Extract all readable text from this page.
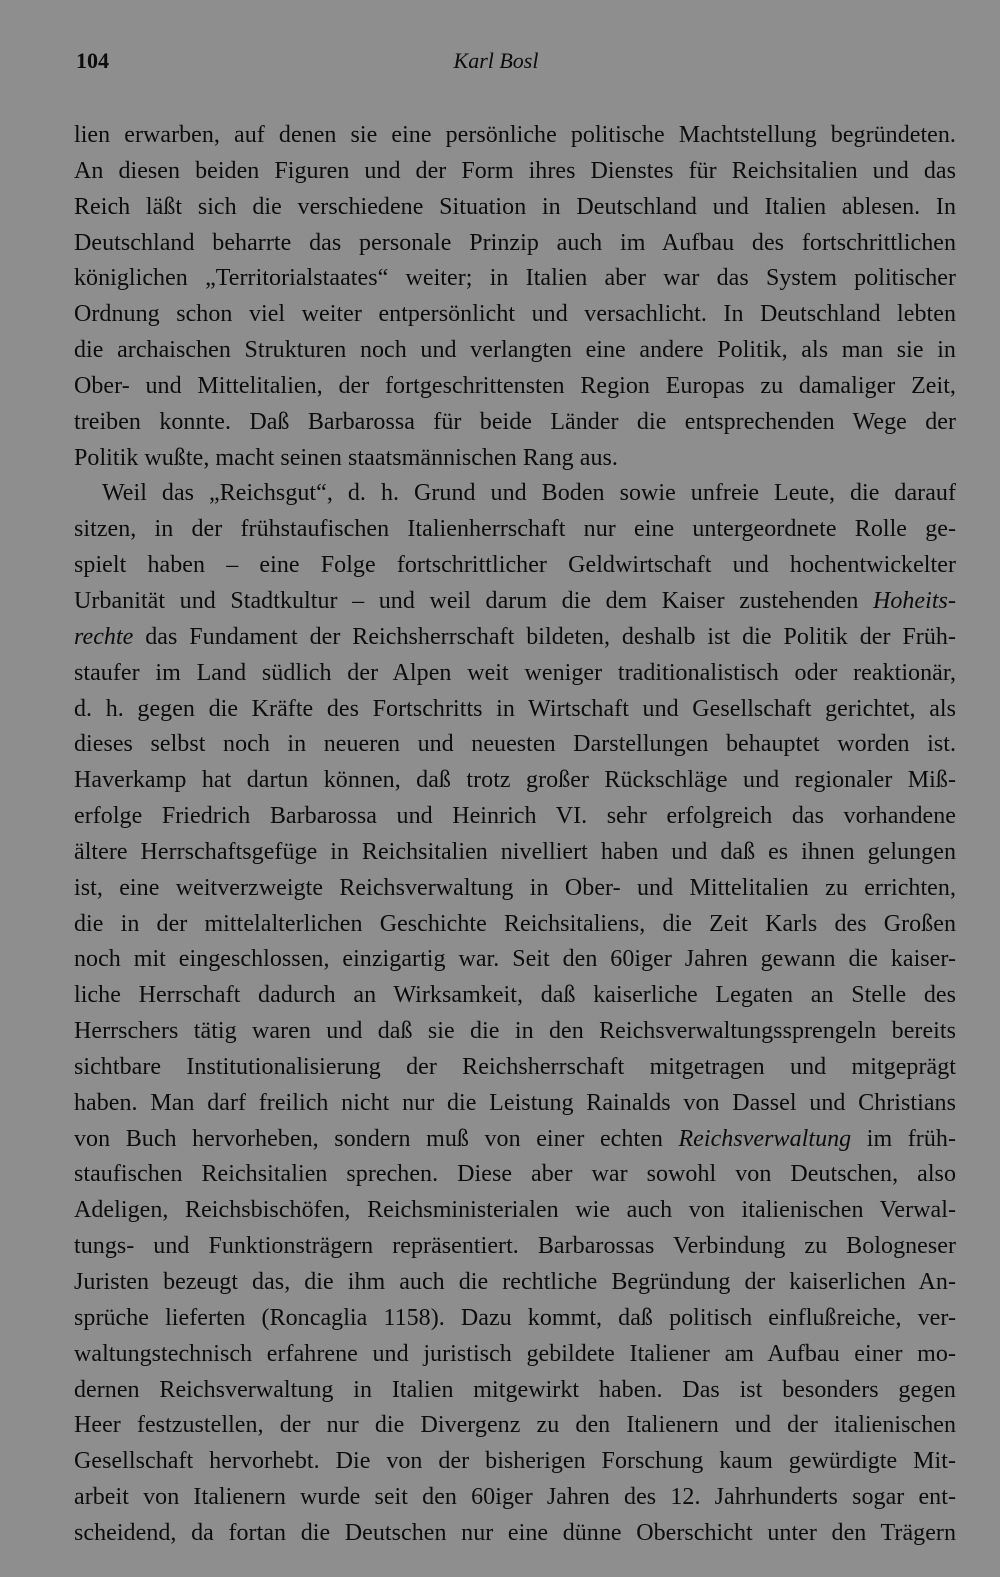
104	Karl Bosl
lien erwarben, auf denen sie eine persönliche politische Machtstellung begründeten.
An diesen beiden Figuren und der Form ihres Dienstes für Reichsitalien und das
Reich läßt sich die verschiedene Situation in Deutschland und Italien ablesen. In
Deutschland beharrte das personale Prinzip auch im Aufbau des fortschrittlichen
königlichen „Territorialstaates“ weiter; in Italien aber war das System politischer
Ordnung schon viel weiter entpersönlicht und versachlicht. In Deutschland lebten
die archaischen Strukturen noch und verlangten eine andere Politik, als man sie in
Ober- und Mittelitalien, der fortgeschrittensten Region Europas zu damaliger Zeit,
treiben konnte. Daß Barbarossa für beide Länder die entsprechenden Wege der
Politik wußte, macht seinen staatsmännischen Rang aus.
Weil das „Reichsgut“, d. h. Grund und Boden sowie unfreie Leute, die darauf
sitzen, in der frühstaufischen Italienherrschaft nur eine untergeordnete Rolle ge-
spielt haben – eine Folge fortschrittlicher Geldwirtschaft und hochentwickelter
Urbanität und Stadtkultur – und weil darum die dem Kaiser zustehenden Hoheits-
rechte das Fundament der Reichsherrschaft bildeten, deshalb ist die Politik der Früh-
staufer im Land südlich der Alpen weit weniger traditionalistisch oder reaktionär,
d. h. gegen die Kräfte des Fortschritts in Wirtschaft und Gesellschaft gerichtet, als
dieses selbst noch in neueren und neuesten Darstellungen behauptet worden ist.
Haverkamp hat dartun können, daß trotz großer Rückschläge und regionaler Miß-
erfolge Friedrich Barbarossa und Heinrich VI. sehr erfolgreich das vorhandene
ältere Herrschaftsgefüge in Reichsitalien nivelliert haben und daß es ihnen gelungen
ist, eine weitverzweigte Reichsverwaltung in Ober- und Mittelitalien zu errichten,
die in der mittelalterlichen Geschichte Reichsitaliens, die Zeit Karls des Großen
noch mit eingeschlossen, einzigartig war. Seit den 60iger Jahren gewann die kaiser-
liche Herrschaft dadurch an Wirksamkeit, daß kaiserliche Legaten an Stelle des
Herrschers tätig waren und daß sie die in den Reichsverwaltungssprengeln bereits
sichtbare Institutionalisierung der Reichsherrschaft mitgetragen und mitgeprägt
haben. Man darf freilich nicht nur die Leistung Rainalds von Dassel und Christians
von Buch hervorheben, sondern muß von einer echten Reichsverwaltung im früh-
staufischen Reichsitalien sprechen. Diese aber war sowohl von Deutschen, also
Adeligen, Reichsbischöfen, Reichsministerialen wie auch von italienischen Verwal-
tungs- und Funktionsträgern repräsentiert. Barbarossas Verbindung zu Bologneser
Juristen bezeugt das, die ihm auch die rechtliche Begründung der kaiserlichen An-
sprüche lieferten (Roncaglia 1158). Dazu kommt, daß politisch einflußreiche, ver-
waltungstechnisch erfahrene und juristisch gebildete Italiener am Aufbau einer mo-
dernen Reichsverwaltung in Italien mitgewirkt haben. Das ist besonders gegen
Heer festzustellen, der nur die Divergenz zu den Italienern und der italienischen
Gesellschaft hervorhebt. Die von der bisherigen Forschung kaum gewürdigte Mit-
arbeit von Italienern wurde seit den 60iger Jahren des 12. Jahrhunderts sogar ent-
scheidend, da fortan die Deutschen nur eine dünne Oberschicht unter den Trägern
